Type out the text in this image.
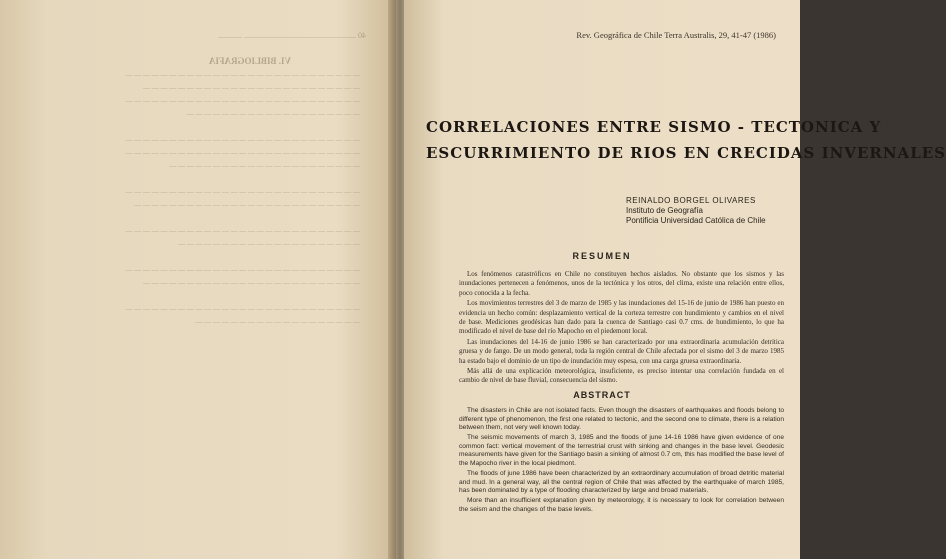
40 ........................................................ ............
VI. BIBLIOGRAFIA
— — — — — — — — — — — — — — — — — — — — — — — — — — —
— — — — — — — — — — — — — — — — — — — — — — — — —
— — — — — — — — — — — — — — — — — — — — — — — — — — —
— — — — — — — — — — — — — — — — — — — —

— — — — — — — — — — — — — — — — — — — — — — — — — — —
— — — — — — — — — — — — — — — — — — — — — — — — — — —
— — — — — — — — — — — — — — — — — — — — — —

— — — — — — — — — — — — — — — — — — — — — — — — — — —
— — — — — — — — — — — — — — — — — — — — — — — — — —

— — — — — — — — — — — — — — — — — — — — — — — — — — —
— — — — — — — — — — — — — — — — — — — — —

— — — — — — — — — — — — — — — — — — — — — — — — — — —
— — — — — — — — — — — — — — — — — — — — — — — — —

— — — — — — — — — — — — — — — — — — — — — — — — — — —
— — — — — — — — — — — — — — — — — — —
Rev. Geográfica de Chile Terra Australis, 29, 41-47 (1986)
CORRELACIONES ENTRE SISMO - TECTONICA Y
ESCURRIMIENTO DE RIOS EN CRECIDAS INVERNALES
REINALDO BORGEL OLIVARES
Instituto de Geografía
Pontificia Universidad Católica de Chile
RESUMEN

Los fenómenos catastróficos en Chile no constituyen hechos aislados. No obstante que los sismos y las inundaciones pertenecen a fenómenos, unos de la tectónica y los otros, del clima, existe una relación entre ellos, poco conocida a la fecha.

Los movimientos terrestres del 3 de marzo de 1985 y las inundaciones del 15-16 de junio de 1986 han puesto en evidencia un hecho común: desplazamiento vertical de la corteza terrestre con hundimiento y cambios en el nivel de base. Mediciones geodésicas han dado para la cuenca de Santiago casi 0.7 cms. de hundimiento, lo que ha modificado el nivel de base del río Mapocho en el piedemont local.

Las inundaciones del 14-16 de junio 1986 se han caracterizado por una extraordinaria acumulación detrítica gruesa y de fango. De un modo general, toda la región central de Chile afectada por el sismo del 3 de marzo 1985 ha estado bajo el dominio de un tipo de inundación muy espesa, con una carga gruesa extraordinaria.

Más allá de una explicación meteorológica, insuficiente, es preciso intentar una correlación fundada en el cambio de nivel de base fluvial, consecuencia del sismo.

ABSTRACT

The disasters in Chile are not isolated facts. Even though the disasters of earthquakes and floods belong to different type of phenomenon, the first one related to tectonic, and the second one to climate, there is a relation between them, not very well known today.

The seismic movements of march 3, 1985 and the floods of june 14-16 1986 have given evidence of one common fact: vertical movement of the terrestrial crust with sinking and changes in the base level. Geodesic measurements have given for the Santiago basin a sinking of almost 0.7 cm, this has modified the base level of the Mapocho river in the local piedmont.

The floods of june 1986 have been characterized by an extraordinary accumulation of broad detritic material and mud. In a general way, all the central region of Chile that was affected by the earthquake of march 1985, has been dominated by a type of flooding characterized by large and broad materials.

More than an insufficient explanation given by meteorology, it is necessary to look for correlation between the seism and the changes of the base levels.
